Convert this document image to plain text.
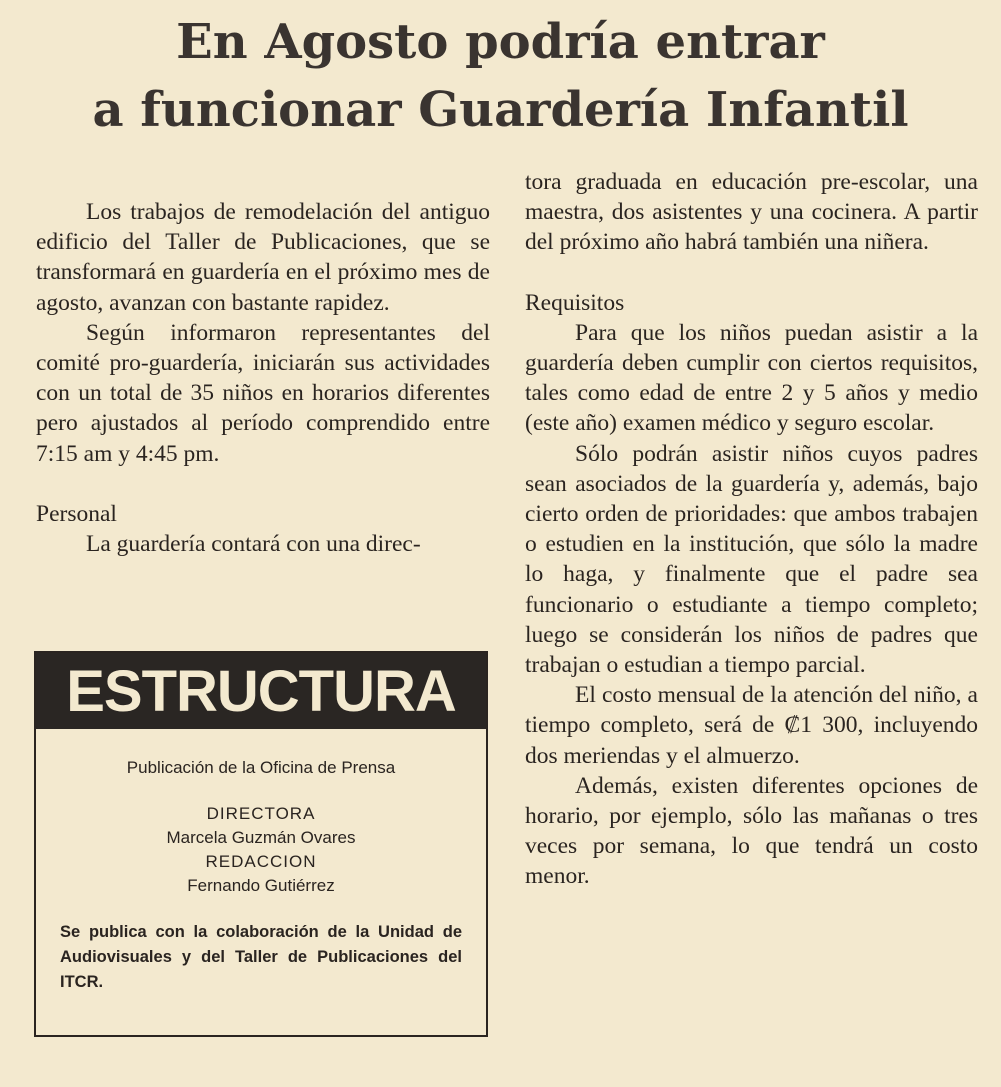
En Agosto podría entrar
a funcionar Guardería Infantil

Los trabajos de remodelación del antiguo edificio del Taller de Publicaciones, que se transformará en guardería en el próximo mes de agosto, avanzan con bastante rapidez.

Según informaron representantes del comité pro-guardería, iniciarán sus actividades con un total de 35 niños en horarios diferentes pero ajustados al período comprendido entre 7:15 am y 4:45 pm.

Personal

La guardería contará con una direc-

tora graduada en educación pre-escolar, una maestra, dos asistentes y una cocinera. A partir del próximo año habrá también una niñera.

Requisitos

Para que los niños puedan asistir a la guardería deben cumplir con ciertos requisitos, tales como edad de entre 2 y 5 años y medio (este año) examen médico y seguro escolar.

Sólo podrán asistir niños cuyos padres sean asociados de la guardería y, además, bajo cierto orden de prioridades: que ambos trabajen o estudien en la institución, que sólo la madre lo haga, y finalmente que el padre sea funcionario o estudiante a tiempo completo; luego se considerán los niños de padres que trabajan o estudian a tiempo parcial.

El costo mensual de la atención del niño, a tiempo completo, será de ₡1 300, incluyendo dos meriendas y el almuerzo.

Además, existen diferentes opciones de horario, por ejemplo, sólo las mañanas o tres veces por semana, lo que tendrá un costo menor.

ESTRUCTURA
Publicación de la Oficina de Prensa
DIRECTORA
Marcela Guzmán Ovares
REDACCION
Fernando Gutiérrez
Se publica con la colaboración de la Unidad de Audiovisuales y del Taller de Publicaciones del ITCR.
